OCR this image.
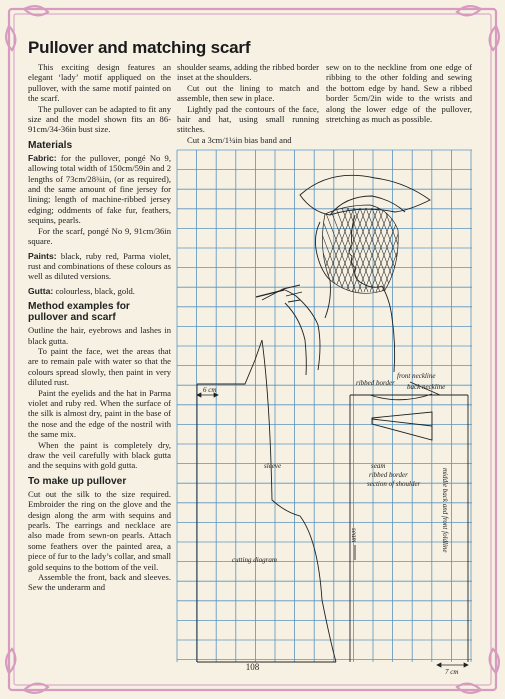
Pullover and matching scarf

This exciting design features an elegant ‘lady’ motif appliqued on the pullover, with the same motif painted on the scarf.

The pullover can be adapted to fit any size and the model shown fits an 86-91cm/34-36in bust size.

Materials

Fabric: for the pullover, pongé No 9, allowing total width of 150cm/59in and 2 lengths of 73cm/28¾in, (or as required), and the same amount of fine jersey for lining; length of machine-ribbed jersey edging; oddments of fake fur, feathers, sequins, pearls.

For the scarf, pongé No 9, 91cm/36in square.

Paints: black, ruby red, Parma violet, rust and combinations of these colours as well as diluted versions.

Gutta: colourless, black, gold.

Method examples for pullover and scarf

Outline the hair, eyebrows and lashes in black gutta.

To paint the face, wet the areas that are to remain pale with water so that the colours spread slowly, then paint in very diluted rust.

Paint the eyelids and the hat in Parma violet and ruby red. When the surface of the silk is almost dry, paint in the base of the nose and the edge of the nostril with the same mix.

When the paint is completely dry, draw the veil carefully with black gutta and the sequins with gold gutta.

To make up pullover

Cut out the silk to the size required. Embroider the ring on the glove and the design along the arm with sequins and pearls. The earrings and necklace are also made from sewn-on pearls. Attach some feathers over the painted area, a piece of fur to the lady’s collar, and small gold sequins to the bottom of the veil.

Assemble the front, back and sleeves. Sew the underarm and

shoulder seams, adding the ribbed border inset at the shoulders.

Cut out the lining to match and assemble, then sew in place.

Lightly pad the contours of the face, hair and hat, using small running stitches.

Cut a 3cm/1¼in bias band and

sew on to the neckline from one edge of ribbing to the other folding and sewing the bottom edge by hand. Sew a ribbed border 5cm/2in wide to the wrists and along the lower edge of the pullover, stretching as much as possible.

front neckline
ribbed border back neckline
6 cm
sleeve	seam
ribbed border
section of shoulder	middle back and front foldline
seam
cutting diagram
7 cm
108
